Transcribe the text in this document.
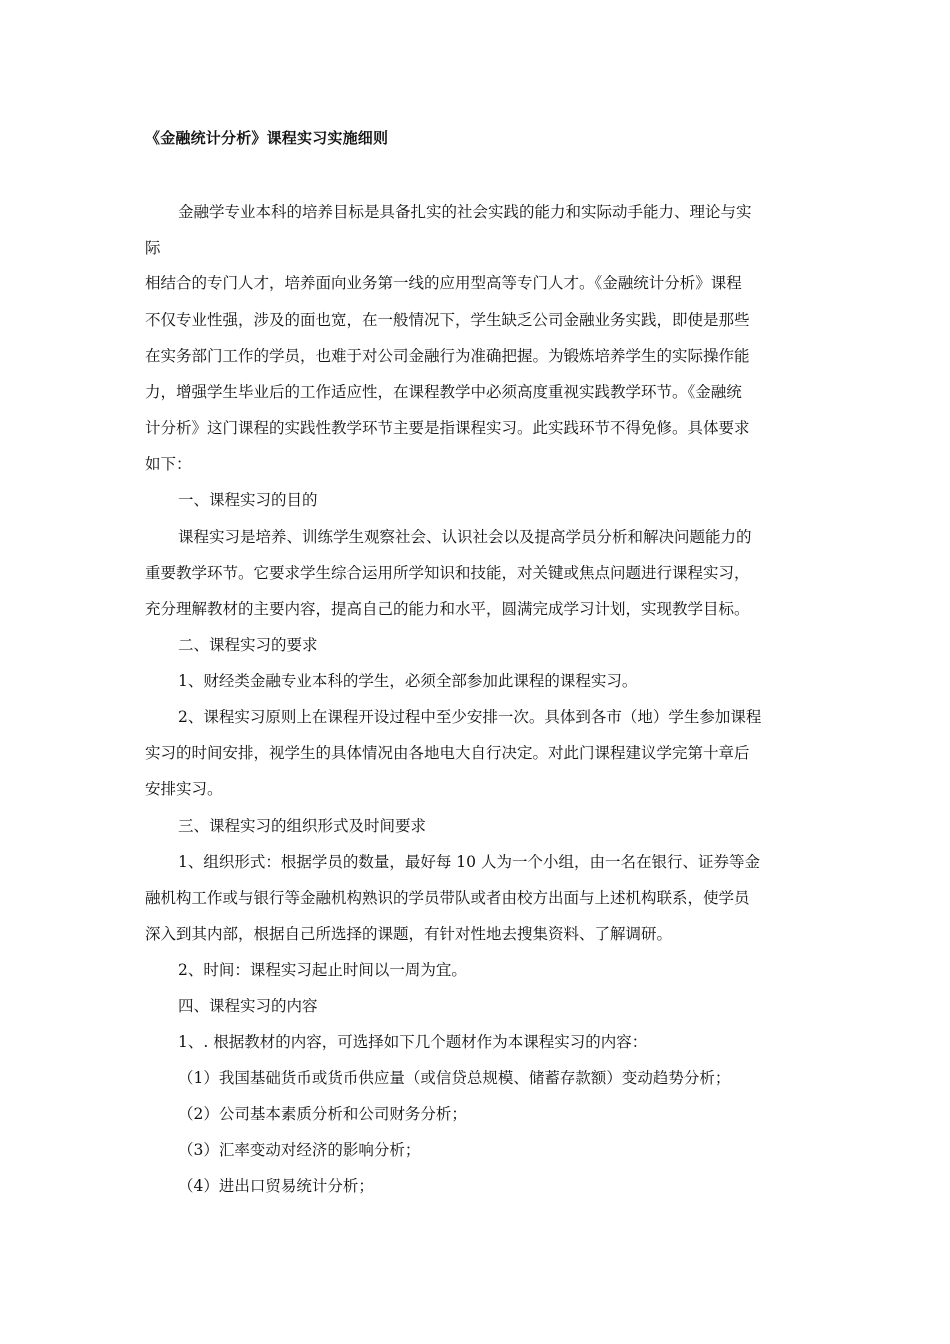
《金融统计分析》课程实习实施细则
金融学专业本科的培养目标是具备扎实的社会实践的能力和实际动手能力、理论与实
际
相结合的专门人才，培养面向业务第一线的应用型高等专门人才。《金融统计分析》课程
不仅专业性强，涉及的面也宽，在一般情况下，学生缺乏公司金融业务实践，即使是那些
在实务部门工作的学员，也难于对公司金融行为准确把握。为锻炼培养学生的实际操作能
力，增强学生毕业后的工作适应性，在课程教学中必须高度重视实践教学环节。《金融统
计分析》这门课程的实践性教学环节主要是指课程实习。此实践环节不得免修。具体要求
如下：
一、课程实习的目的
课程实习是培养、训练学生观察社会、认识社会以及提高学员分析和解决问题能力的
重要教学环节。它要求学生综合运用所学知识和技能，对关键或焦点问题进行课程实习，
充分理解教材的主要内容，提高自己的能力和水平，圆满完成学习计划，实现教学目标。
二、课程实习的要求
1、财经类金融专业本科的学生，必须全部参加此课程的课程实习。
2、课程实习原则上在课程开设过程中至少安排一次。具体到各市（地）学生参加课程
实习的时间安排，视学生的具体情况由各地电大自行决定。对此门课程建议学完第十章后
安排实习。
三、课程实习的组织形式及时间要求
1、组织形式：根据学员的数量，最好每 10 人为一个小组，由一名在银行、证券等金
融机构工作或与银行等金融机构熟识的学员带队或者由校方出面与上述机构联系，使学员
深入到其内部，根据自己所选择的课题，有针对性地去搜集资料、了解调研。
2、时间：课程实习起止时间以一周为宜。
四、课程实习的内容
1、. 根据教材的内容，可选择如下几个题材作为本课程实习的内容：
（1）我国基础货币或货币供应量（或信贷总规模、储蓄存款额）变动趋势分析；
（2）公司基本素质分析和公司财务分析；
（3）汇率变动对经济的影响分析；
（4）进出口贸易统计分析；
